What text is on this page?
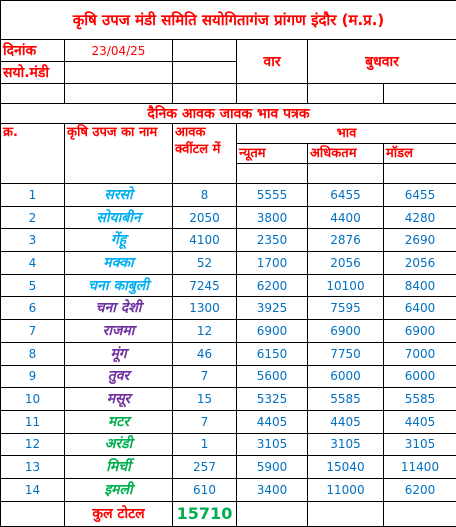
कृषि उपज मंडी समिति सयोगितागंज प्रांगण इंदौर (म.प्र.)					
दिनांक	23/04/25		वार	बुधवार	
सयो.मंडी					

दैनिक आवक जावक भाव पत्रक					
क्र.	कृषि उपज का नाम	आवक क्वींटल में	भाव		
			न्यूतम	अधिकतम	मॉडल

1	सरसो	8	5555	6455	6455
2	सोयाबीन	2050	3800	4400	4280
3	गेंहू	4100	2350	2876	2690
4	मक्का	52	1700	2056	2056
5	चना काबुली	7245	6200	10100	8400
6	चना देशी	1300	3925	7595	6400
7	राजमा	12	6900	6900	6900
8	मूंग	46	6150	7750	7000
9	तुवर	7	5600	6000	6000
10	मसूर	15	5325	5585	5585
11	मटर	7	4405	4405	4405
12	अरंडी	1	3105	3105	3105
13	मिर्ची	257	5900	15040	11400
14	इमली	610	3400	11000	6200
	कुल टोटल	15710			
